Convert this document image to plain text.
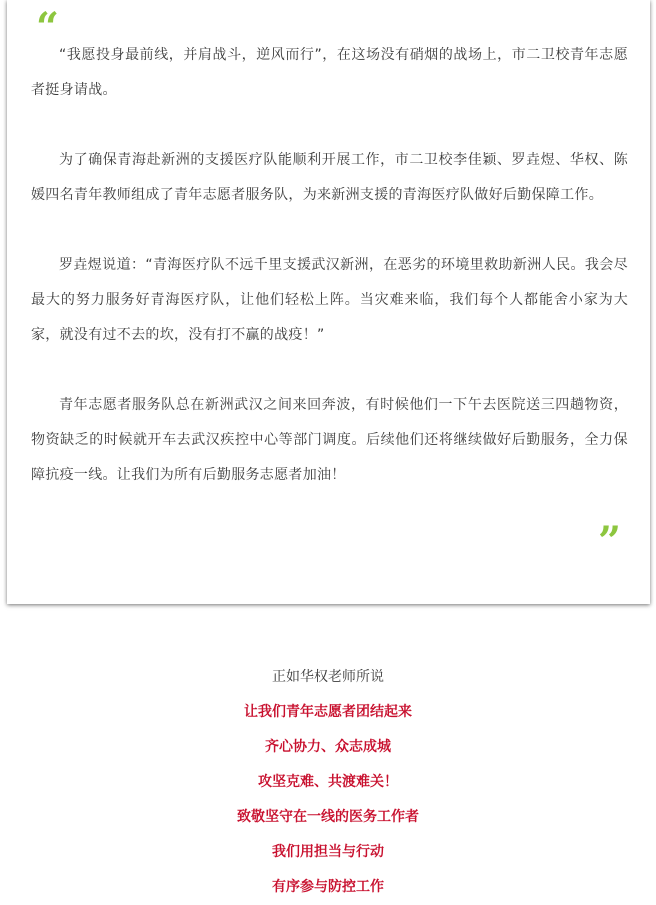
“

“我愿投身最前线，并肩战斗，逆风而行”，在这场没有硝烟的战场上，市二卫校青年志愿者挺身请战。

为了确保青海赴新洲的支援医疗队能顺利开展工作，市二卫校李佳颖、罗垚煜、华权、陈媛四名青年教师组成了青年志愿者服务队，为来新洲支援的青海医疗队做好后勤保障工作。

罗垚煜说道：“青海医疗队不远千里支援武汉新洲，在恶劣的环境里救助新洲人民。我会尽最大的努力服务好青海医疗队，让他们轻松上阵。当灾难来临，我们每个人都能舍小家为大家，就没有过不去的坎，没有打不赢的战疫！”

青年志愿者服务队总在新洲武汉之间来回奔波，有时候他们一下午去医院送三四趟物资，物资缺乏的时候就开车去武汉疾控中心等部门调度。后续他们还将继续做好后勤服务，全力保障抗疫一线。让我们为所有后勤服务志愿者加油！

”
正如华权老师所说
让我们青年志愿者团结起来
齐心协力、众志成城
攻坚克难、共渡难关！
致敬坚守在一线的医务工作者
我们用担当与行动
有序参与防控工作
